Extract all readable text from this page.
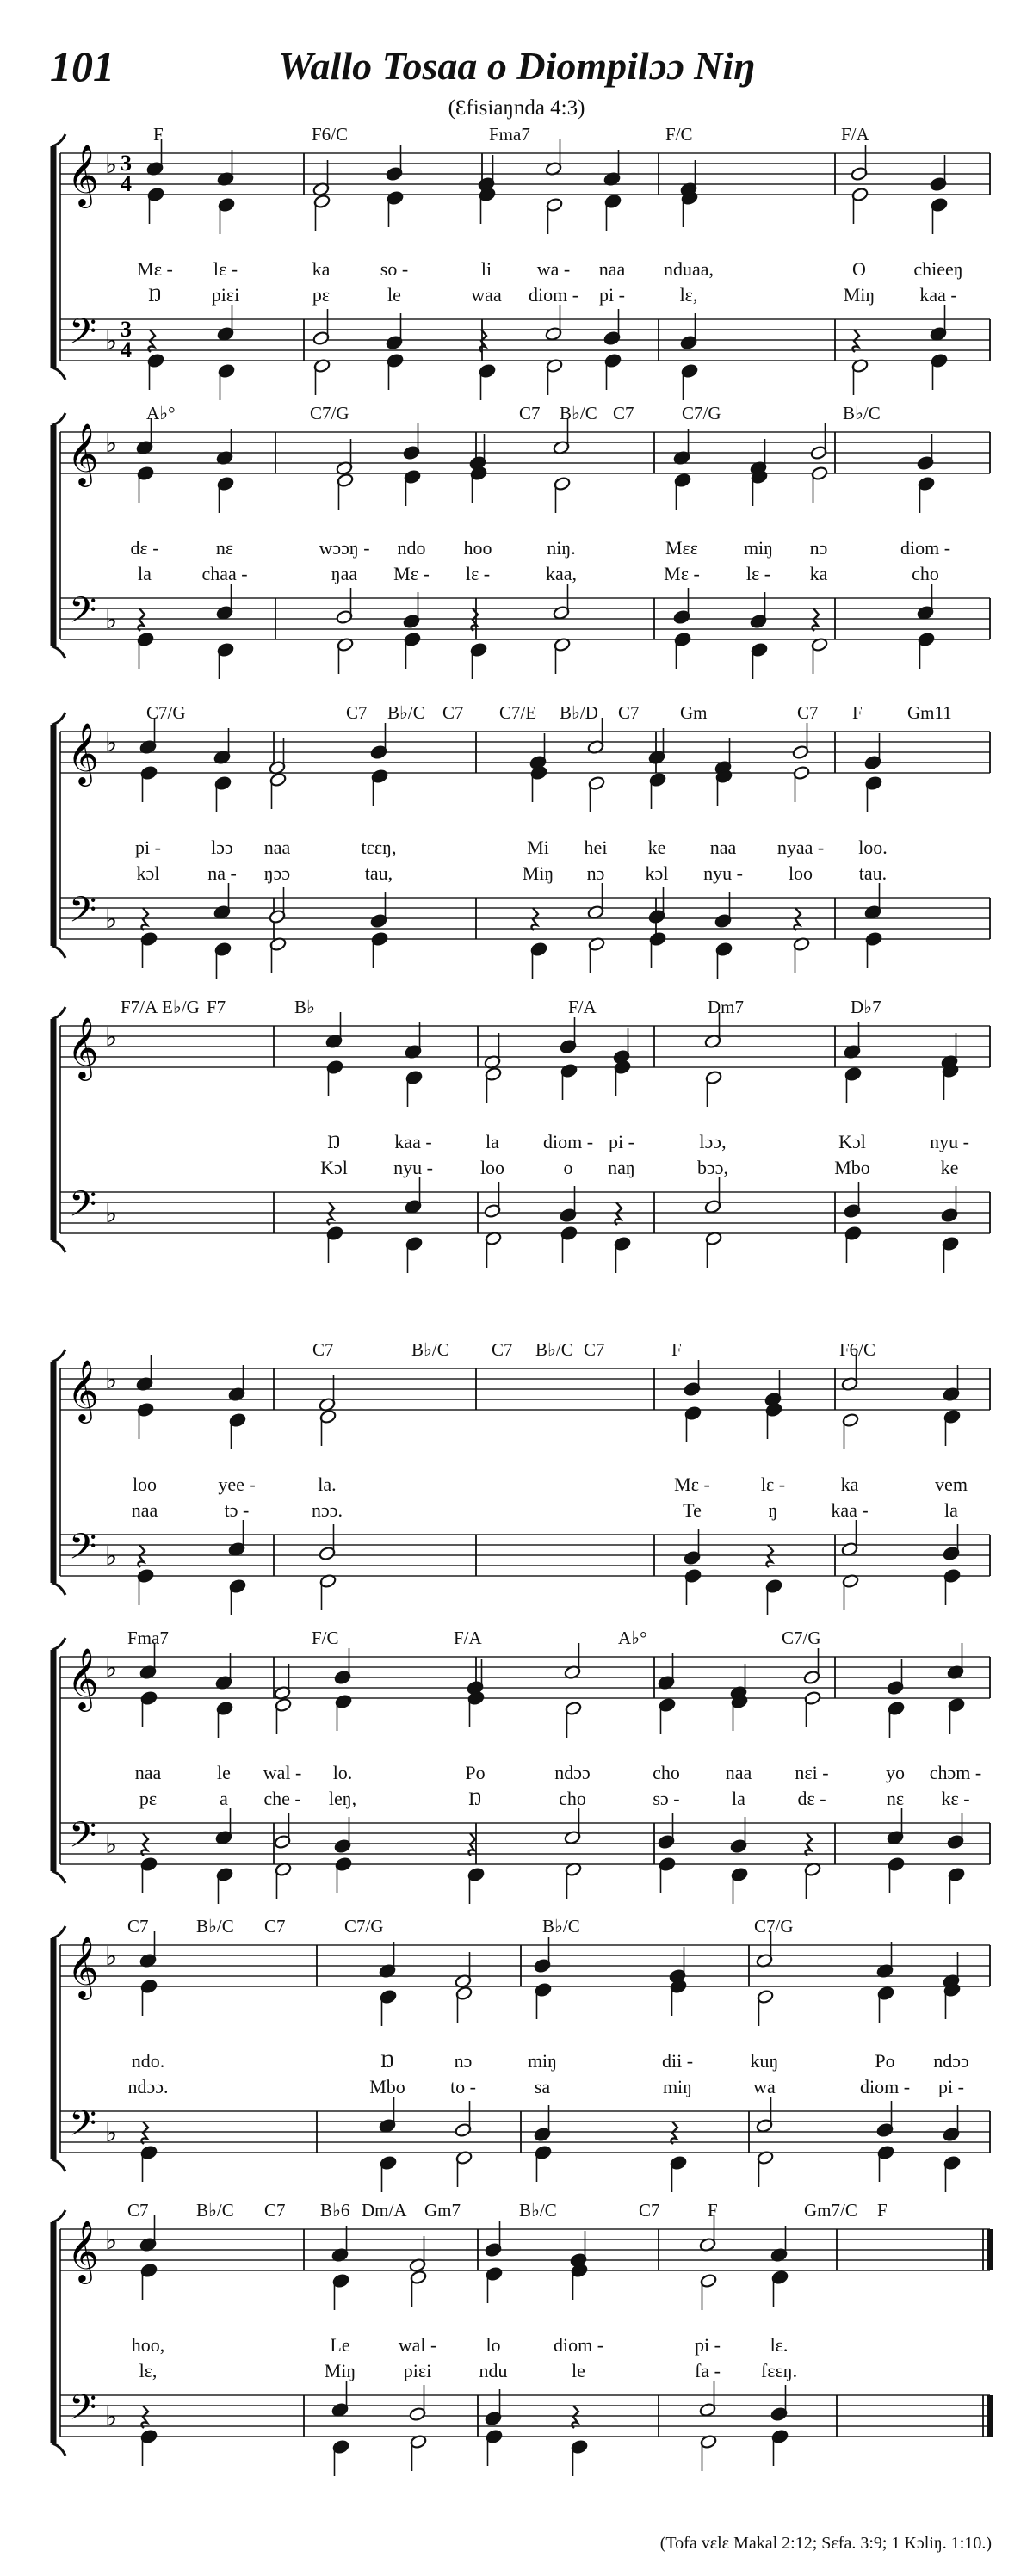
101	Wallo Tosaa o Diompilɔɔ Niŋ
(Ɛfisiaŋnda 4:3)
𝄞
𝄢
♭
♭
3
4
3
4
F	F6/C	Fma7	F/C	F/A
Mɛ - lɛ -	ka	so -	li wa - naa nduaa,	O	chieeŋ
Ŋ	piɛi	pɛ	le	waa diom - pi -	lɛ,	Miŋ kaa -
𝄞
𝄢
♭
♭
A♭°	C7/G	C7 B♭/C C7	C7/G	B♭/C
dɛ -	nɛ	wɔɔŋ - ndo hoo	niŋ.	Mɛɛ miŋ nɔ	diom -
la	chaa -	ŋaa Mɛ - lɛ -	kaa,	Mɛ - lɛ - ka	cho
𝄞
𝄢
♭
♭
C7/G	C7 B♭/C C7 C7/E B♭/D C7 Gm	C7 F Gm11
pi -	lɔɔ naa	tɛɛŋ,	Mi hei ke naa nyaa - loo.
kɔl	na - ŋɔɔ	tau,	Miŋ nɔ kɔl nyu - loo tau.
𝄞
𝄢
♭
♭
F7/A E♭/G F7	B♭	F/A	Dm7	D♭7
Ŋ	kaa -	la diom - pi -	lɔɔ,	Kɔl	nyu -
Kɔl nyu -	loo	o naŋ	bɔɔ,	Mbo	ke
𝄞
𝄢
♭
♭
C7	B♭/C C7 B♭/C C7	F	F6/C
loo	yee -	la.	Mɛ -	lɛ -	ka	vem
naa	tɔ -	nɔɔ.	Te	ŋ	kaa -	la
𝄞
𝄢
♭
♭
Fma7	F/C	F/A	A♭°	C7/G
naa	le wal - lo.	Po	ndɔɔ	cho naa nɛi -	yo chɔm -
pɛ	a che - leŋ,	Ŋ	cho	sɔ -	la	dɛ -	nɛ kɛ -
𝄞
𝄢
♭
♭
C7	B♭/C C7	C7/G	B♭/C	C7/G
ndo.	Ŋ	nɔ	miŋ	dii -	kuŋ	Po ndɔɔ
ndɔɔ.	Mbo to -	sa	miŋ	wa	diom - pi -
𝄞
𝄢
♭
♭
C7	B♭/C C7 B♭6 Dm/A Gm7	B♭/C	C7	F	Gm7/C F
hoo,	Le	wal -	lo	diom -	pi -	lɛ.
lɛ,	Miŋ	piɛi	ndu	le	fa - fɛɛŋ.
(Tofa vɛlɛ Makal 2:12; Sɛfa. 3:9; 1 Kɔliŋ. 1:10.)
